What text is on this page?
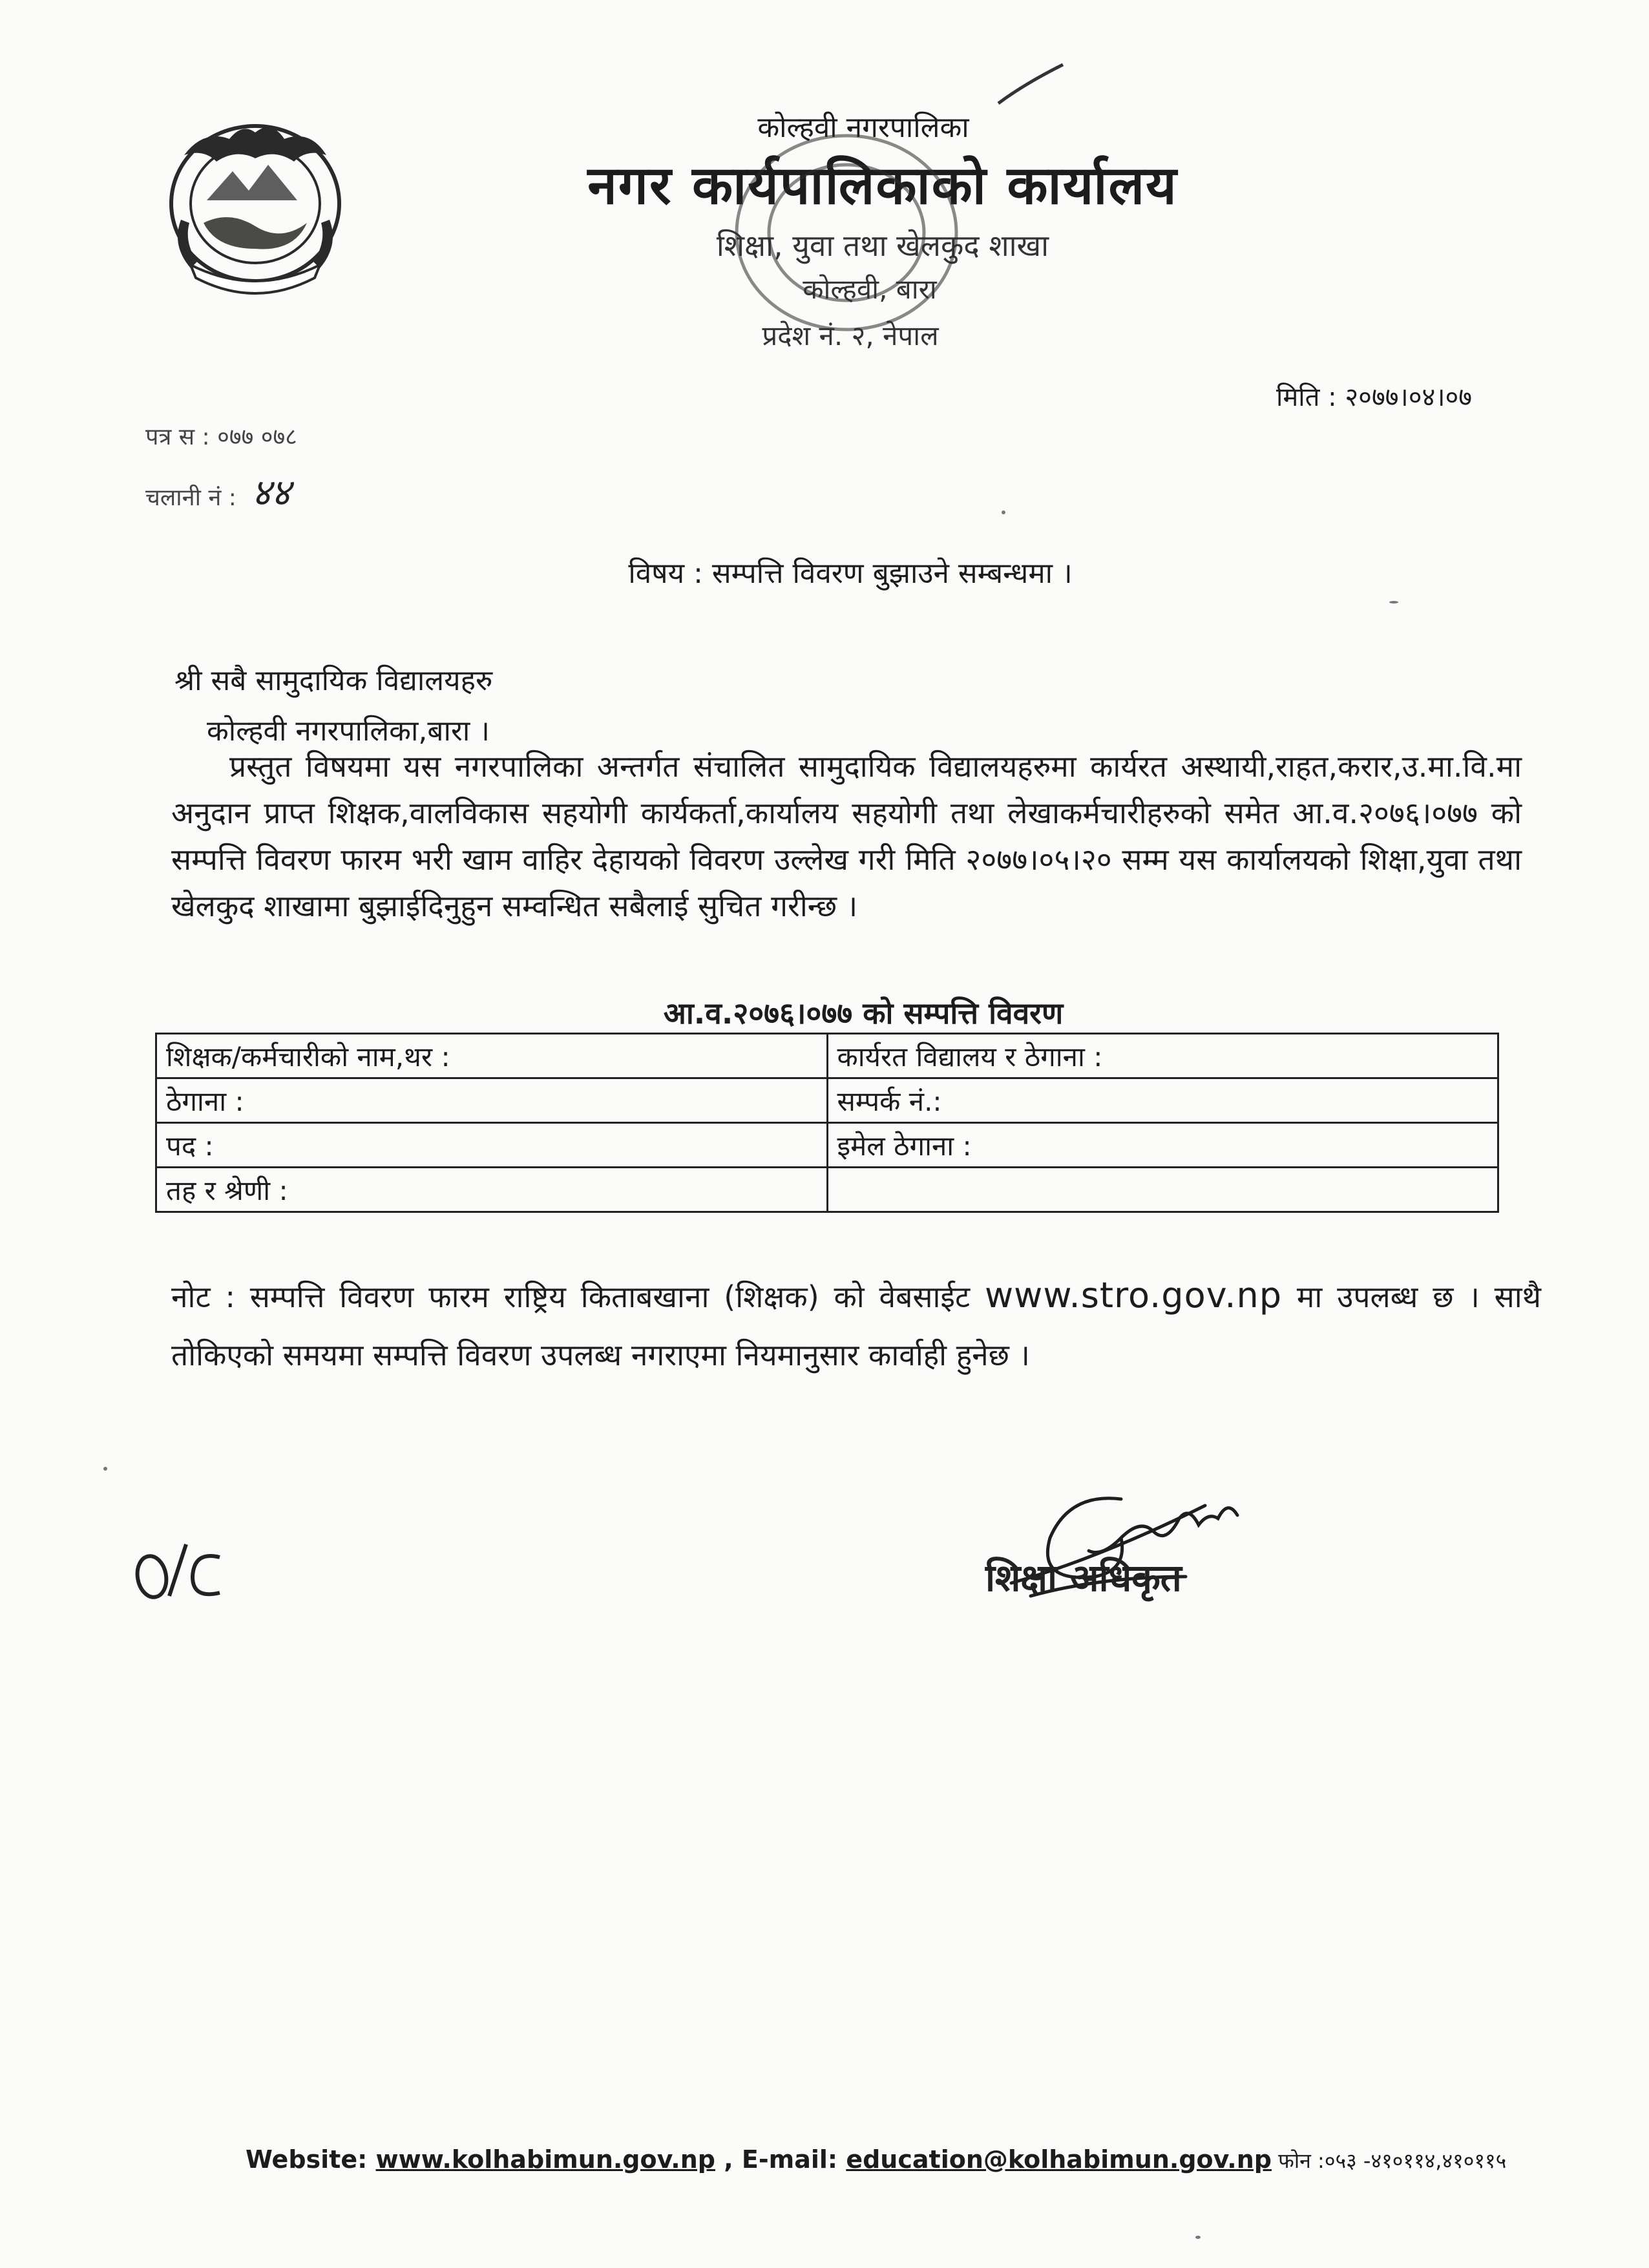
कोल्हवी नगरपालिका
नगर कार्यपालिकाको कार्यालय
शिक्षा, युवा तथा खेलकुद शाखा
कोल्हवी, बारा
प्रदेश नं. २, नेपाल
मिति : २०७७।०४।०७
पत्र स : ०७७ ०७८
चलानी नं : ४४
विषय : सम्पत्ति विवरण बुझाउने सम्बन्धमा ।
श्री सबै सामुदायिक विद्यालयहरु
कोल्हवी नगरपालिका,बारा ।
प्रस्तुत विषयमा यस नगरपालिका अन्तर्गत संचालित सामुदायिक विद्यालयहरुमा कार्यरत अस्थायी,राहत,करार,उ.मा.वि.मा अनुदान प्राप्त शिक्षक,वालविकास सहयोगी कार्यकर्ता,कार्यालय सहयोगी तथा लेखाकर्मचारीहरुको समेत आ.व.२०७६।०७७ को सम्पत्ति विवरण फारम भरी खाम वाहिर देहायको विवरण उल्लेख गरी मिति २०७७।०५।२० सम्म यस कार्यालयको शिक्षा,युवा तथा खेलकुद शाखामा बुझाईदिनुहुन सम्वन्धित सबैलाई सुचित गरीन्छ ।
आ.व.२०७६।०७७ को सम्पत्ति विवरण
शिक्षक/कर्मचारीको नाम,थर :	कार्यरत विद्यालय र ठेगाना :
ठेगाना :	सम्पर्क नं.:
पद :	इमेल ठेगाना :
तह र श्रेणी :	
नोट : सम्पत्ति विवरण फारम राष्ट्रिय किताबखाना (शिक्षक) को वेबसाईट www.stro.gov.np मा उपलब्ध छ । साथै तोकिएको समयमा सम्पत्ति विवरण उपलब्ध नगराएमा नियमानुसार कार्वाही हुनेछ ।
शिक्षा अधिकृत
Website: www.kolhabimun.gov.np , E-mail: education@kolhabimun.gov.np फोन :०५३ -४१०११४,४१०११५
